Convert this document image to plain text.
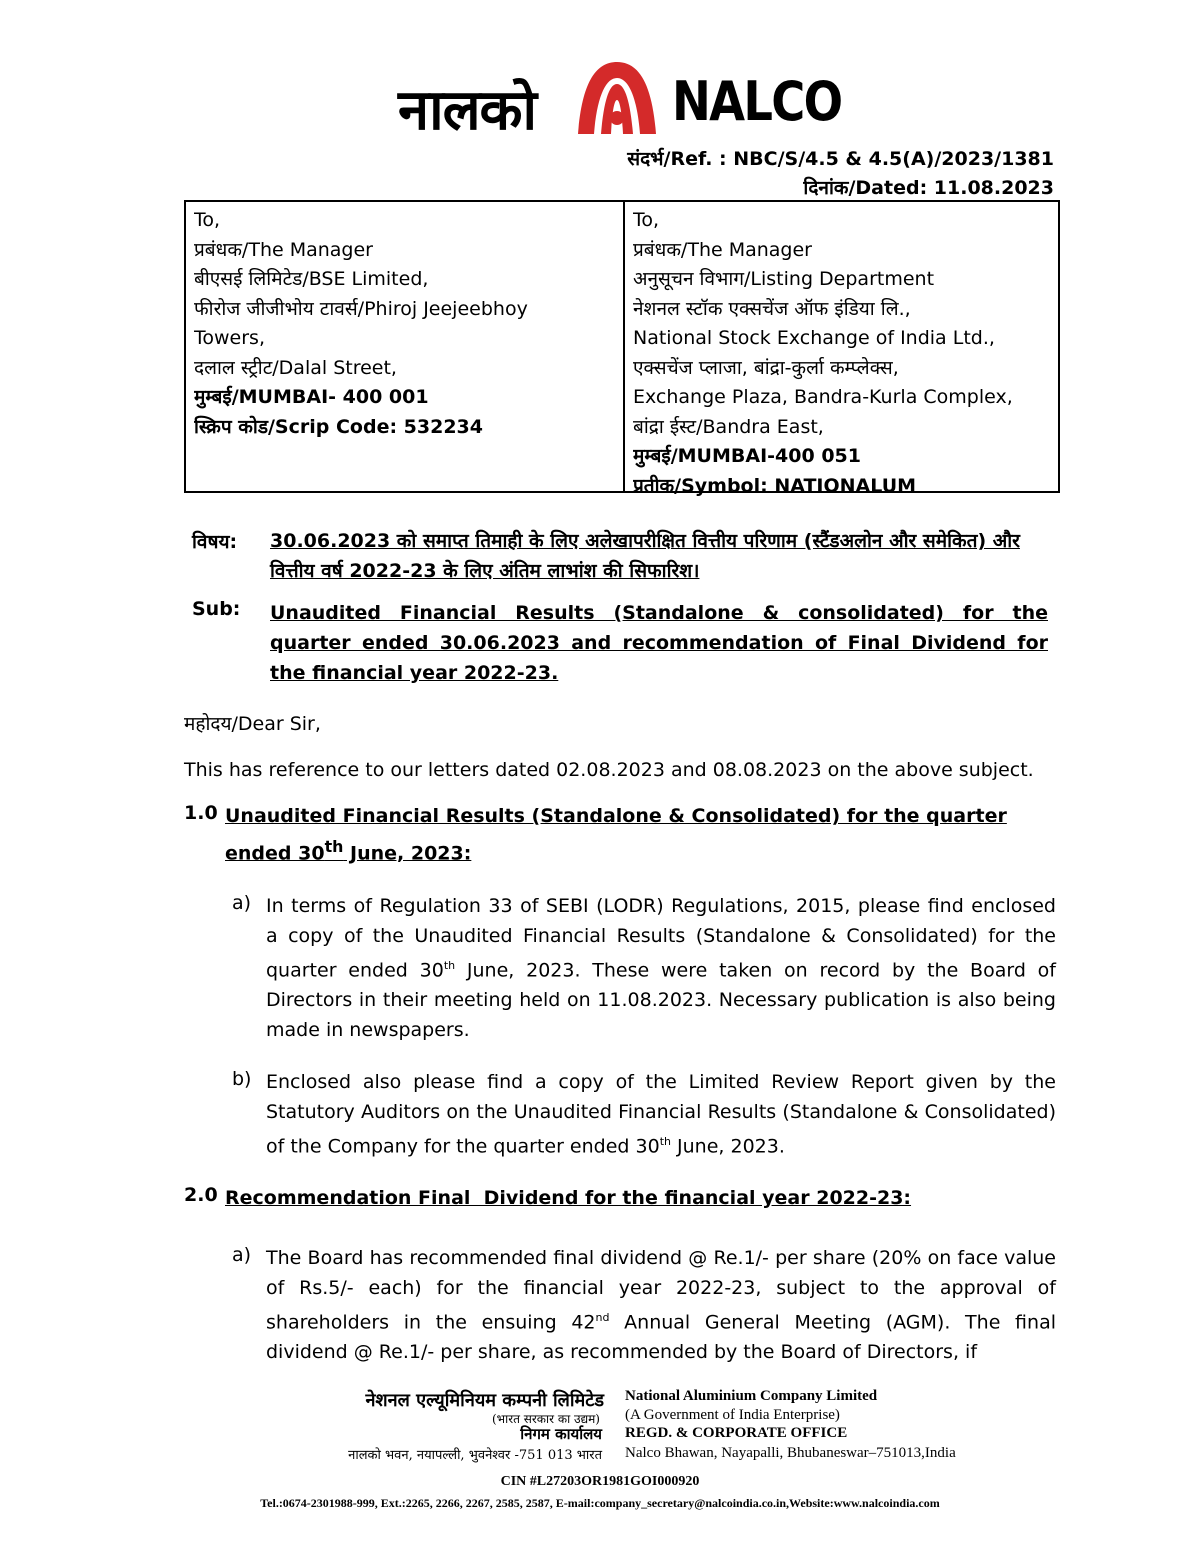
नालको	NALCO
संदर्भ/Ref. : NBC/S/4.5 & 4.5(A)/2023/1381
दिनांक/Dated: 11.08.2023
To,
प्रबंधक/The Manager
बीएसई लिमिटेड/BSE Limited,
फीरोज जीजीभोय टावर्स/Phiroj Jeejeebhoy
Towers,
दलाल स्ट्रीट/Dalal Street,
मुम्बई/MUMBAI- 400 001
स्क्रिप कोड/Scrip Code: 532234
To,
प्रबंधक/The Manager
अनुसूचन विभाग/Listing Department
नेशनल स्टॉक एक्सचेंज ऑफ इंडिया लि.,
National Stock Exchange of India Ltd.,
एक्सचेंज प्लाजा, बांद्रा-कुर्ला कम्प्लेक्स,
Exchange Plaza, Bandra-Kurla Complex,
बांद्रा ईस्ट/Bandra East,
मुम्बई/MUMBAI-400 051
प्रतीक/Symbol: NATIONALUM
विषय: 30.06.2023 को समाप्त तिमाही के लिए अलेखापरीक्षित वित्तीय परिणाम (स्टैंडअलोन और समेकित) और वित्तीय वर्ष 2022-23 के लिए अंतिम लाभांश की सिफारिश।
Sub: Unaudited Financial Results (Standalone & consolidated) for the quarter ended 30.06.2023 and recommendation of Final Dividend for the financial year 2022-23.
महोदय/Dear Sir,
This has reference to our letters dated 02.08.2023 and 08.08.2023 on the above subject.
1.0 Unaudited Financial Results (Standalone & Consolidated) for the quarter ended 30th June, 2023:
a) In terms of Regulation 33 of SEBI (LODR) Regulations, 2015, please find enclosed a copy of the Unaudited Financial Results (Standalone & Consolidated) for the quarter ended 30th June, 2023. These were taken on record by the Board of Directors in their meeting held on 11.08.2023. Necessary publication is also being made in newspapers.
b) Enclosed also please find a copy of the Limited Review Report given by the Statutory Auditors on the Unaudited Financial Results (Standalone & Consolidated) of the Company for the quarter ended 30th June, 2023.
2.0 Recommendation Final  Dividend for the financial year 2022-23:
a) The Board has recommended final dividend @ Re.1/- per share (20% on face value of Rs.5/- each) for the financial year 2022-23, subject to the approval of shareholders in the ensuing 42nd Annual General Meeting (AGM). The final dividend @ Re.1/- per share, as recommended by the Board of Directors, if
नेशनल एल्यूमिनियम कम्पनी लिमिटेड
(भारत सरकार का उद्यम)
निगम कार्यालय
नालको भवन, नयापल्ली, भुवनेश्वर -751 013 भारत
National Aluminium Company Limited
(A Government of India Enterprise)
REGD. & CORPORATE OFFICE
Nalco Bhawan, Nayapalli, Bhubaneswar–751013,India
CIN #L27203OR1981GOI000920
Tel.:0674-2301988-999, Ext.:2265, 2266, 2267, 2585, 2587, E-mail:company_secretary@nalcoindia.co.in,Website:www.nalcoindia.com
